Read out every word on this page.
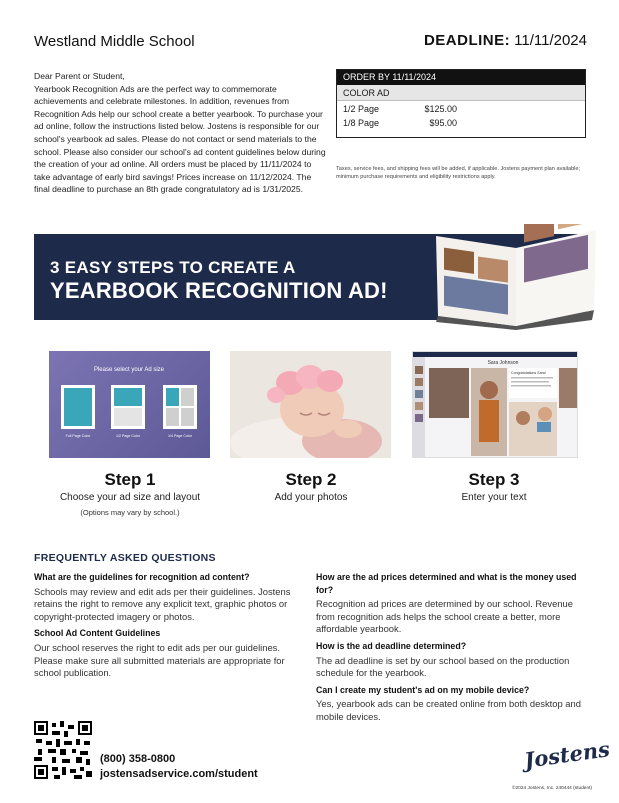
Westland Middle School	DEADLINE: 11/11/2024
Dear Parent or Student,
Yearbook Recognition Ads are the perfect way to commemorate achievements and celebrate milestones. In addition, revenues from Recognition Ads help our school create a better yearbook. To purchase your ad online, follow the instructions listed below. Jostens is responsible for our school's yearbook ad sales. Please do not contact or send materials to the school. Please also consider our school's ad content guidelines below during the creation of your ad online. All orders must be placed by 11/11/2024 to take advantage of early bird savings! Prices increase on 11/12/2024. The final deadline to purchase an 8th grade congratulatory ad is 1/31/2025.
ORDER BY 11/11/2024
COLOR AD
1/2 Page	$125.00
1/8 Page	$95.00
Taxes, service fees, and shipping fees will be added, if applicable. Jostens payment plan available; minimum purchase requirements and eligibility restrictions apply.
3 EASY STEPS TO CREATE A
YEARBOOK RECOGNITION AD!
Please select your Ad size
Full Page Color	1/2 Page Color	1/4 Page Color
Sara Johnson
Congratulations Sara!
Step 1	Step 2	Step 3
Choose your ad size and layout	Add your photos	Enter your text
(Options may vary by school.)
FREQUENTLY ASKED QUESTIONS
What are the guidelines for recognition ad content?
Schools may review and edit ads per their guidelines. Jostens retains the right to remove any explicit text, graphic photos or copyright-protected imagery or photos.
School Ad Content Guidelines
Our school reserves the right to edit ads per our guidelines. Please make sure all submitted materials are appropriate for school publication.
How are the ad prices determined and what is the money used for?
Recognition ad prices are determined by our school. Revenue from recognition ads helps the school create a better, more affordable yearbook.
How is the ad deadline determined?
The ad deadline is set by our school based on the production schedule for the yearbook.
Can I create my student's ad on my mobile device?
Yes, yearbook ads can be created online from both desktop and mobile devices.
(800) 358-0800
jostensadservice.com/student
Jostens
©2024 Jostens, Inc. 240444 (student)
